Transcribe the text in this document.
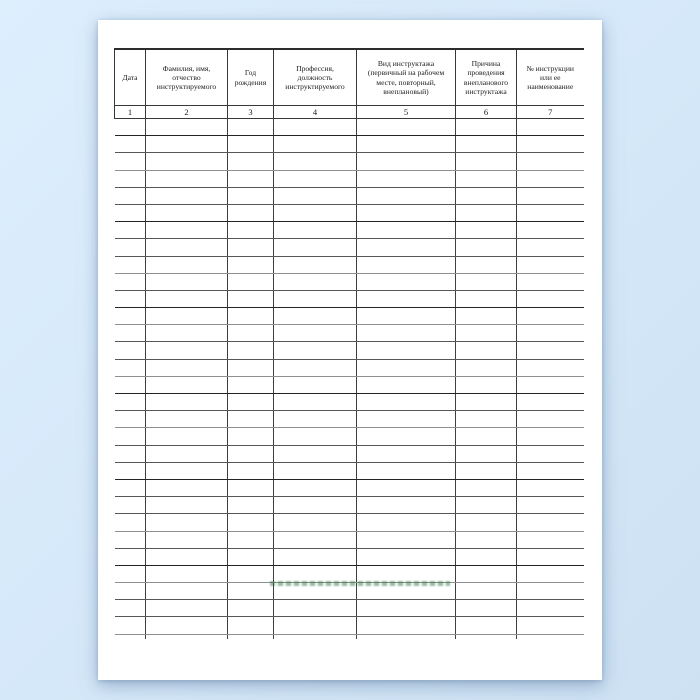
Дата	Фамилия, имя, отчество инструктируемого	Год рождения	Профессия, должность инструктируемого	Вид инструктажа (первичный на рабочем месте, повторный, внеплановый)	Причина проведения внепланового инструктажа	№ инструкции или ее наименование
1	2	3	4	5	6	7
